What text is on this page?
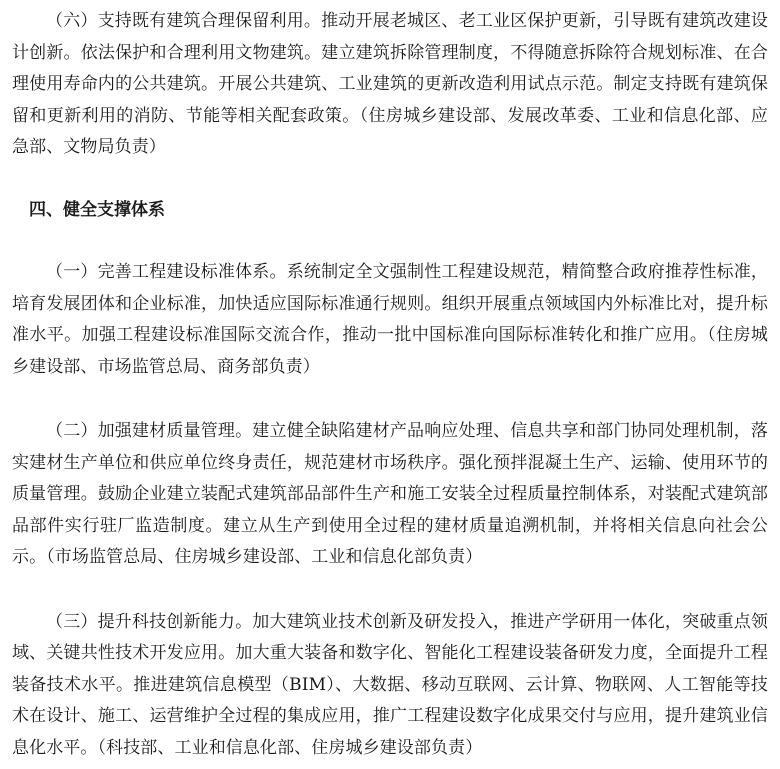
（六）支持既有建筑合理保留利用。推动开展老城区、老工业区保护更新，引导既有建筑改建设计创新。依法保护和合理利用文物建筑。建立建筑拆除管理制度，不得随意拆除符合规划标准、在合理使用寿命内的公共建筑。开展公共建筑、工业建筑的更新改造利用试点示范。制定支持既有建筑保留和更新利用的消防、节能等相关配套政策。（住房城乡建设部、发展改革委、工业和信息化部、应急部、文物局负责）

四、健全支撑体系

（一）完善工程建设标准体系。系统制定全文强制性工程建设规范，精简整合政府推荐性标准，培育发展团体和企业标准，加快适应国际标准通行规则。组织开展重点领域国内外标准比对，提升标准水平。加强工程建设标准国际交流合作，推动一批中国标准向国际标准转化和推广应用。（住房城乡建设部、市场监管总局、商务部负责）

（二）加强建材质量管理。建立健全缺陷建材产品响应处理、信息共享和部门协同处理机制，落实建材生产单位和供应单位终身责任，规范建材市场秩序。强化预拌混凝土生产、运输、使用环节的质量管理。鼓励企业建立装配式建筑部品部件生产和施工安装全过程质量控制体系，对装配式建筑部品部件实行驻厂监造制度。建立从生产到使用全过程的建材质量追溯机制，并将相关信息向社会公示。（市场监管总局、住房城乡建设部、工业和信息化部负责）

（三）提升科技创新能力。加大建筑业技术创新及研发投入，推进产学研用一体化，突破重点领域、关键共性技术开发应用。加大重大装备和数字化、智能化工程建设装备研发力度，全面提升工程装备技术水平。推进建筑信息模型（BIM）、大数据、移动互联网、云计算、物联网、人工智能等技术在设计、施工、运营维护全过程的集成应用，推广工程建设数字化成果交付与应用，提升建筑业信息化水平。（科技部、工业和信息化部、住房城乡建设部负责）
